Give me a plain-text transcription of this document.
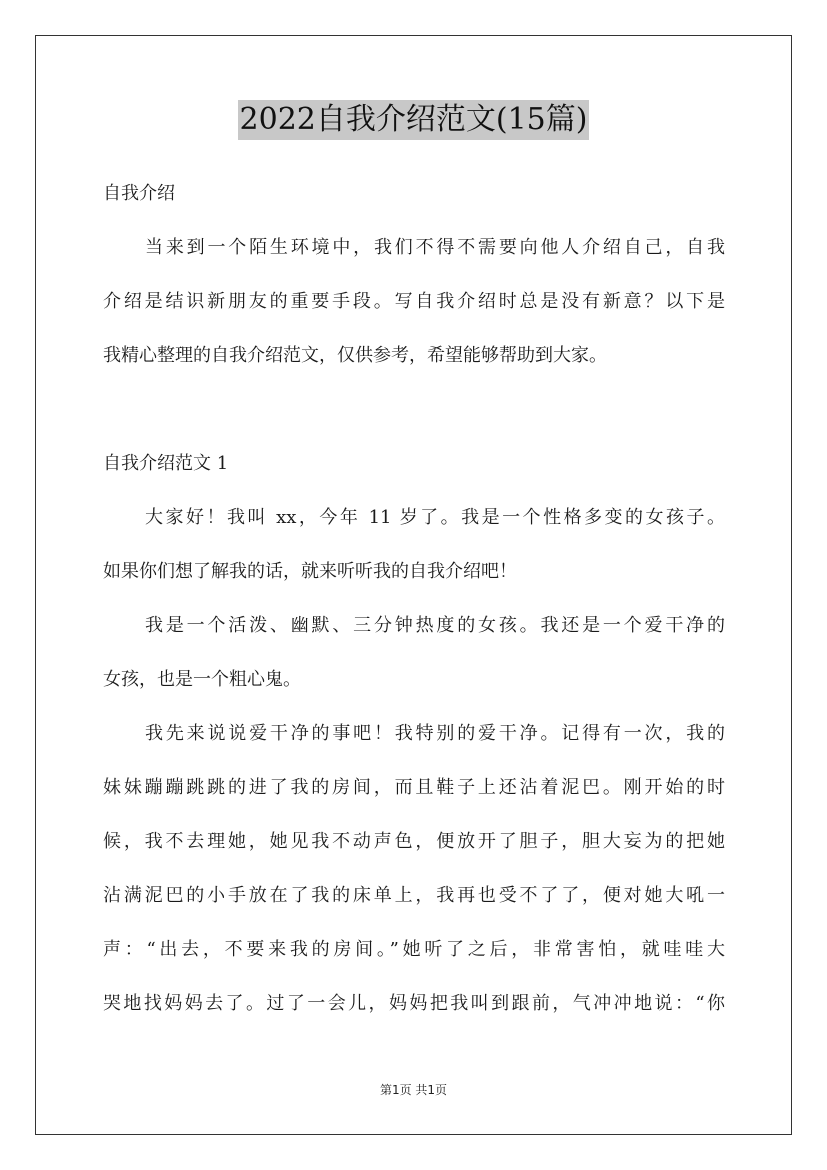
2022自我介绍范文(15篇)
自我介绍
当来到一个陌生环境中，我们不得不需要向他人介绍自己，自我
介绍是结识新朋友的重要手段。写自我介绍时总是没有新意？以下是
我精心整理的自我介绍范文，仅供参考，希望能够帮助到大家。
自我介绍范文 1
大家好！我叫 xx，今年 11 岁了。我是一个性格多变的女孩子。
如果你们想了解我的话，就来听听我的自我介绍吧！
我是一个活泼、幽默、三分钟热度的女孩。我还是一个爱干净的
女孩，也是一个粗心鬼。
我先来说说爱干净的事吧！我特别的爱干净。记得有一次，我的
妹妹蹦蹦跳跳的进了我的房间，而且鞋子上还沾着泥巴。刚开始的时
候，我不去理她，她见我不动声色，便放开了胆子，胆大妄为的把她
沾满泥巴的小手放在了我的床单上，我再也受不了了，便对她大吼一
声：“出去，不要来我的房间。”她听了之后，非常害怕，就哇哇大
哭地找妈妈去了。过了一会儿，妈妈把我叫到跟前，气冲冲地说：“你
第1页 共1页
